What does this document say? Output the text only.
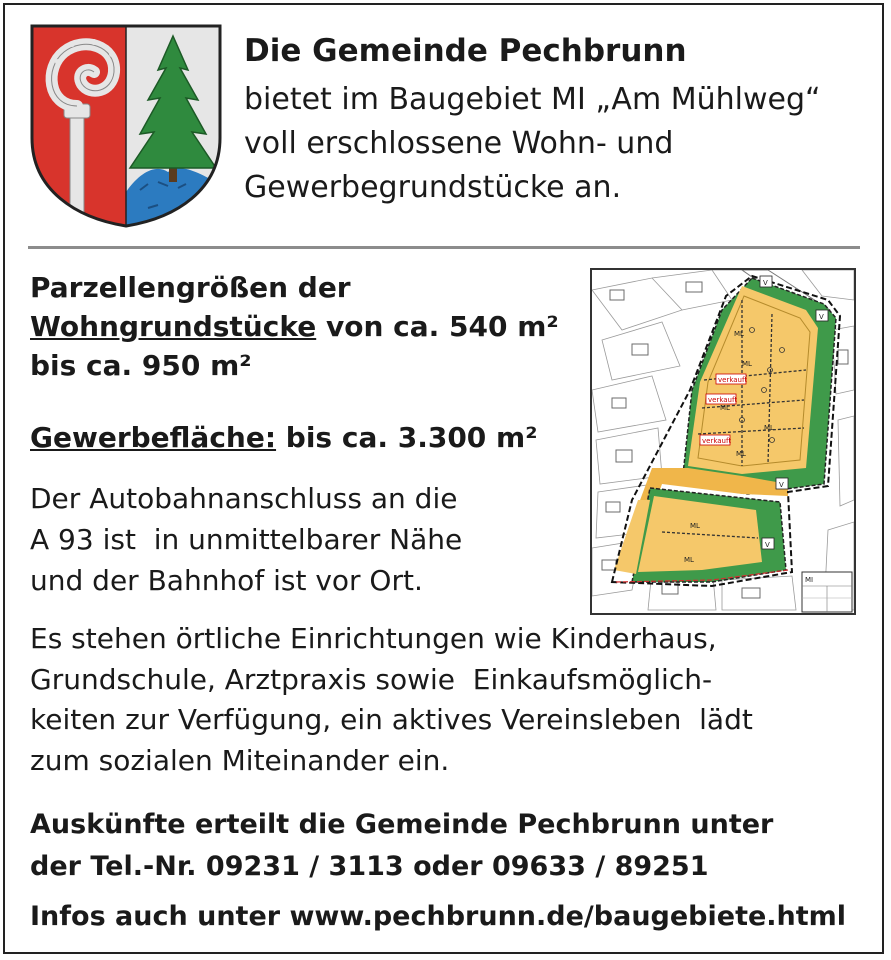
Die Gemeinde Pechbrunn
bietet im Baugebiet MI „Am Mühlweg“
voll erschlossene Wohn- und
Gewerbegrundstücke an.
Parzellengrößen der
Wohngrundstücke von ca. 540 m²
bis ca. 950 m²
Gewerbefläche: bis ca. 3.300 m²
Der Autobahnanschluss an die
A 93 ist  in unmittelbarer Nähe
und der Bahnhof ist vor Ort.
ML
ML
ML
ML
ML
ML
ML
verkauft
verkauft
verkauft
V
V
V
V
MI
Es stehen örtliche Einrichtungen wie Kinderhaus,
Grundschule, Arztpraxis sowie  Einkaufsmöglich-
keiten zur Verfügung, ein aktives Vereinsleben  lädt
zum sozialen Miteinander ein.
Auskünfte erteilt die Gemeinde Pechbrunn unter
der Tel.-Nr. 09231 / 3113 oder 09633 / 89251
Infos auch unter www.pechbrunn.de/baugebiete.html
